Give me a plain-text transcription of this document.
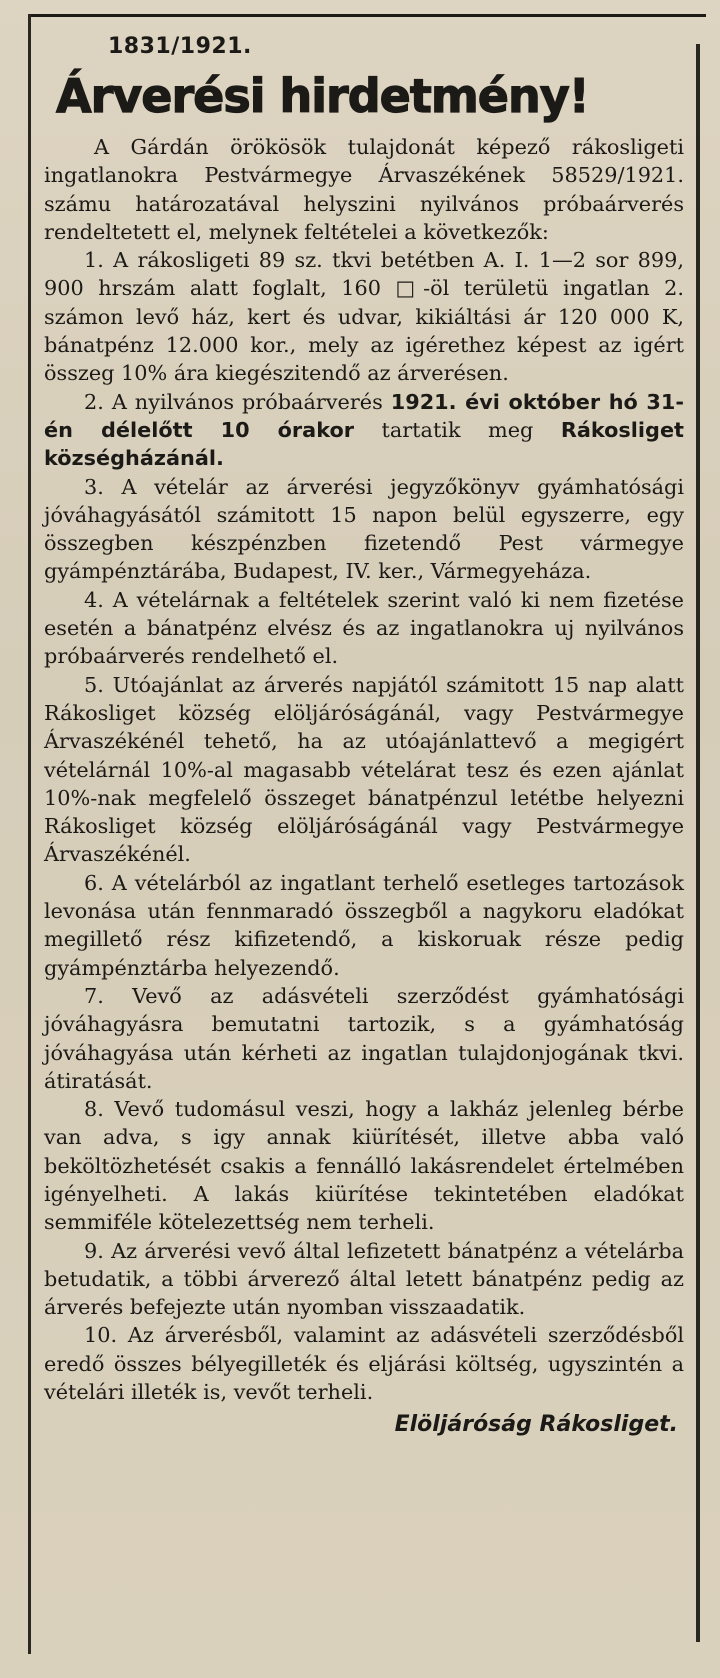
1831/1921.
Árverési hirdetmény!

A Gárdán örökösök tulajdonát képező rákosligeti ingatlanokra Pestvármegye Árvaszékének 58529/1921. számu határozatával helyszini nyilvános próbaárverés rendeltetett el, melynek feltételei a következők:

1. A rákosligeti 89 sz. tkvi betétben A. I. 1—2 sor 899, 900 hrszám alatt foglalt, 160 □-öl területü ingatlan 2. számon levő ház, kert és udvar, kikiáltási ár 120 000 K, bánatpénz 12.000 kor., mely az igérethez képest az igért összeg 10% ára kiegészitendő az árverésen.

2. A nyilvános próbaárverés 1921. évi október hó 31-én délelőtt 10 órakor tartatik meg Rákosliget községházánál.

3. A vételár az árverési jegyzőkönyv gyámhatósági jóváhagyásától számitott 15 napon belül egyszerre, egy összegben készpénzben fizetendő Pest vármegye gyámpénztárába, Budapest, IV. ker., Vármegyeháza.

4. A vételárnak a feltételek szerint való ki nem fizetése esetén a bánatpénz elvész és az ingatlanokra uj nyilvános próbaárverés rendelhető el.

5. Utóajánlat az árverés napjától számitott 15 nap alatt Rákosliget község elöljáróságánál, vagy Pestvármegye Árvaszékénél tehető, ha az utóajánlattevő a megigért vételárnál 10%-al magasabb vételárat tesz és ezen ajánlat 10%-nak megfelelő összeget bánatpénzul letétbe helyezni Rákosliget község elöljáróságánál vagy Pestvármegye Árvaszékénél.

6. A vételárból az ingatlant terhelő esetleges tartozások levonása után fennmaradó összegből a nagykoru eladókat megillető rész kifizetendő, a kiskoruak része pedig gyámpénztárba helyezendő.

7. Vevő az adásvételi szerződést gyámhatósági jóváhagyásra bemutatni tartozik, s a gyámhatóság jóváhagyása után kérheti az ingatlan tulajdonjogának tkvi. átiratását.

8. Vevő tudomásul veszi, hogy a lakház jelenleg bérbe van adva, s igy annak kiürítését, illetve abba való beköltözhetését csakis a fennálló lakásrendelet értelmében igényelheti. A lakás kiürítése tekintetében eladókat semmiféle kötelezettség nem terheli.

9. Az árverési vevő által lefizetett bánatpénz a vételárba betudatik, a többi árverező által letett bánatpénz pedig az árverés befejezte után nyomban visszaadatik.

10. Az árverésből, valamint az adásvételi szerződésből eredő összes bélyegilleték és eljárási költség, ugyszintén a vételári illeték is, vevőt terheli.

Elöljáróság Rákosliget.
